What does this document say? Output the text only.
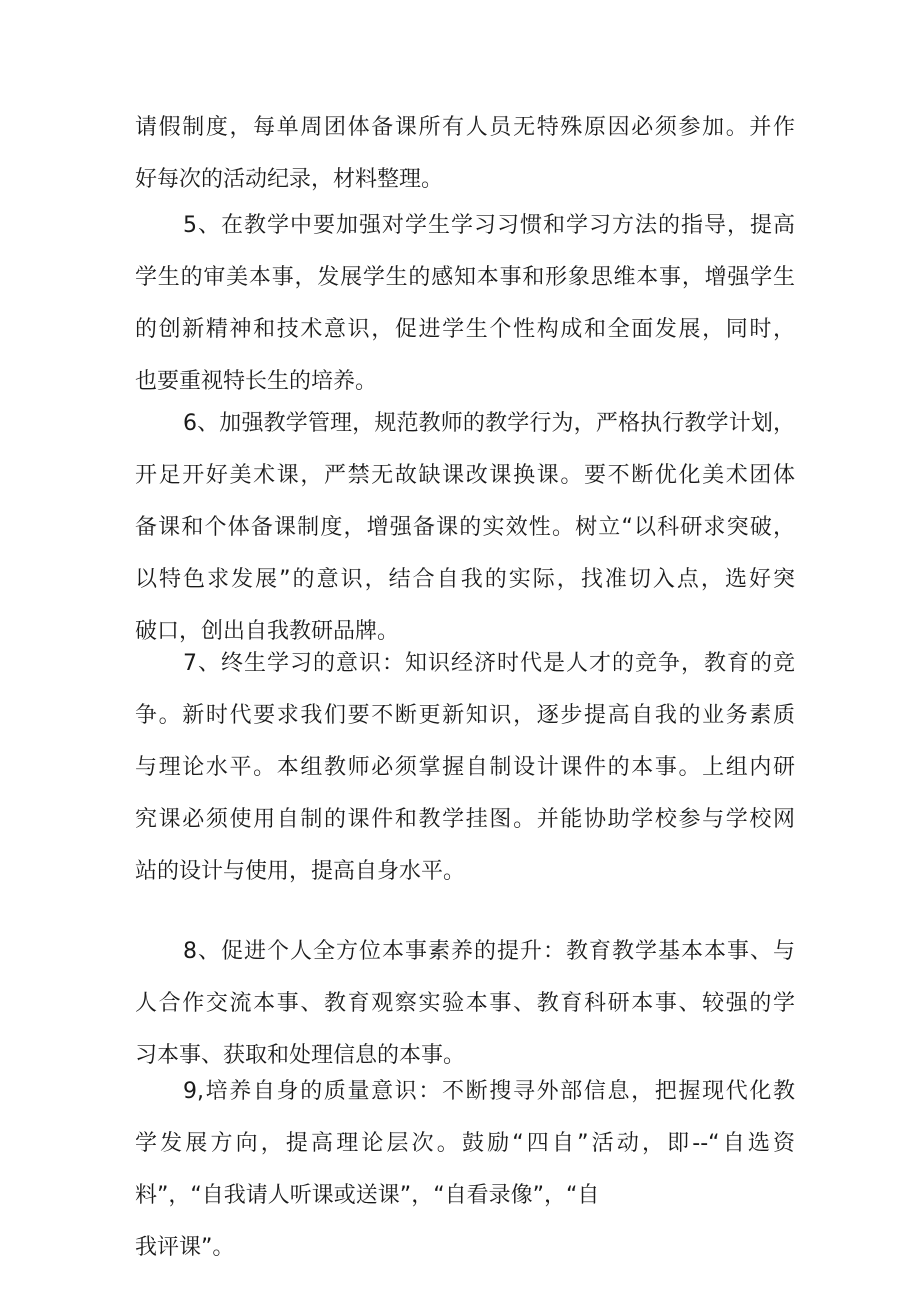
请假制度，每单周团体备课所有人员无特殊原因必须参加。并作
好每次的活动纪录，材料整理。
5、在教学中要加强对学生学习习惯和学习方法的指导，提高
学生的审美本事，发展学生的感知本事和形象思维本事，增强学生
的创新精神和技术意识，促进学生个性构成和全面发展，同时，
也要重视特长生的培养。
6、加强教学管理，规范教师的教学行为，严格执行教学计划，
开足开好美术课，严禁无故缺课改课换课。要不断优化美术团体
备课和个体备课制度，增强备课的实效性。树立“以科研求突破，
以特色求发展”的意识，结合自我的实际，找准切入点，选好突
破口，创出自我教研品牌。
7、终生学习的意识：知识经济时代是人才的竞争，教育的竞
争。新时代要求我们要不断更新知识，逐步提高自我的业务素质
与理论水平。本组教师必须掌握自制设计课件的本事。上组内研
究课必须使用自制的课件和教学挂图。并能协助学校参与学校网
站的设计与使用，提高自身水平。
8、促进个人全方位本事素养的提升：教育教学基本本事、与
人合作交流本事、教育观察实验本事、教育科研本事、较强的学
习本事、获取和处理信息的本事。
9,培养自身的质量意识：不断搜寻外部信息，把握现代化教
学发展方向，提高理论层次。鼓励“四自”活动，即--“自选资
料”，“自我请人听课或送课”，“自看录像”，“自
我评课”。
